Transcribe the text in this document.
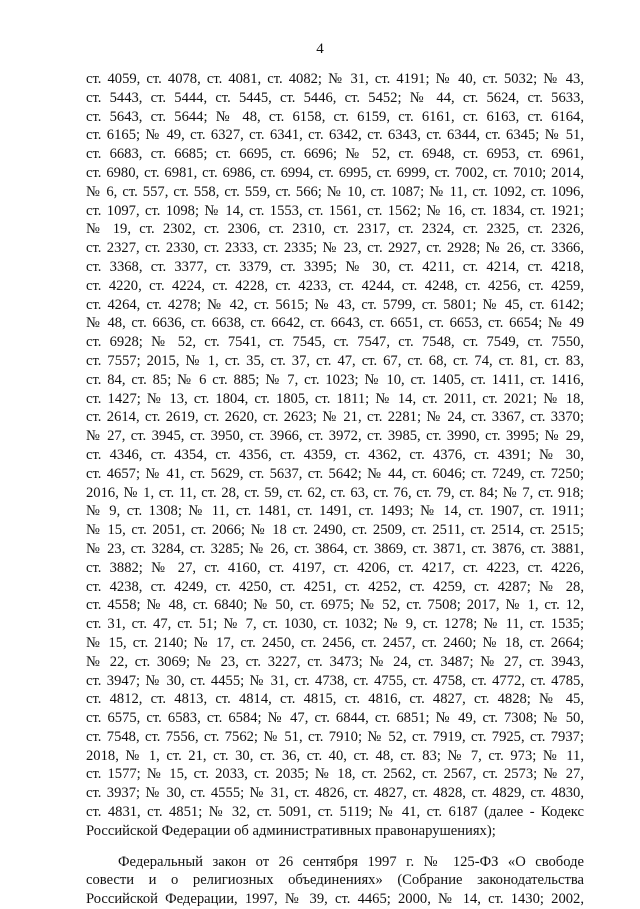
4
ст. 4059, ст. 4078, ст. 4081, ст. 4082; № 31, ст. 4191; № 40, ст. 5032; № 43,
ст. 5443, ст. 5444, ст. 5445, ст. 5446, ст. 5452; № 44, ст. 5624, ст. 5633,
ст. 5643, ст. 5644; № 48, ст. 6158, ст. 6159, ст. 6161, ст. 6163, ст. 6164,
ст. 6165; № 49, ст. 6327, ст. 6341, ст. 6342, ст. 6343, ст. 6344, ст. 6345; № 51,
ст. 6683, ст. 6685; ст. 6695, ст. 6696; № 52, ст. 6948, ст. 6953, ст. 6961,
ст. 6980, ст. 6981, ст. 6986, ст. 6994, ст. 6995, ст. 6999, ст. 7002, ст. 7010; 2014,
№ 6, ст. 557, ст. 558, ст. 559, ст. 566; № 10, ст. 1087; № 11, ст. 1092, ст. 1096,
ст. 1097, ст. 1098; № 14, ст. 1553, ст. 1561, ст. 1562; № 16, ст. 1834, ст. 1921;
№ 19, ст. 2302, ст. 2306, ст. 2310, ст. 2317, ст. 2324, ст. 2325, ст. 2326,
ст. 2327, ст. 2330, ст. 2333, ст. 2335; № 23, ст. 2927, ст. 2928; № 26, ст. 3366,
ст. 3368, ст. 3377, ст. 3379, ст. 3395; № 30, ст. 4211, ст. 4214, ст. 4218,
ст. 4220, ст. 4224, ст. 4228, ст. 4233, ст. 4244, ст. 4248, ст. 4256, ст. 4259,
ст. 4264, ст. 4278; № 42, ст. 5615; № 43, ст. 5799, ст. 5801; № 45, ст. 6142;
№ 48, ст. 6636, ст. 6638, ст. 6642, ст. 6643, ст. 6651, ст. 6653, ст. 6654; № 49
ст. 6928; № 52, ст. 7541, ст. 7545, ст. 7547, ст. 7548, ст. 7549, ст. 7550,
ст. 7557; 2015, № 1, ст. 35, ст. 37, ст. 47, ст. 67, ст. 68, ст. 74, ст. 81, ст. 83,
ст. 84, ст. 85; № 6 ст. 885; № 7, ст. 1023; № 10, ст. 1405, ст. 1411, ст. 1416,
ст. 1427; № 13, ст. 1804, ст. 1805, ст. 1811; № 14, ст. 2011, ст. 2021; № 18,
ст. 2614, ст. 2619, ст. 2620, ст. 2623; № 21, ст. 2281; № 24, ст. 3367, ст. 3370;
№ 27, ст. 3945, ст. 3950, ст. 3966, ст. 3972, ст. 3985, ст. 3990, ст. 3995; № 29,
ст. 4346, ст. 4354, ст. 4356, ст. 4359, ст. 4362, ст. 4376, ст. 4391; № 30,
ст. 4657; № 41, ст. 5629, ст. 5637, ст. 5642; № 44, ст. 6046; ст. 7249, ст. 7250;
2016, № 1, ст. 11, ст. 28, ст. 59, ст. 62, ст. 63, ст. 76, ст. 79, ст. 84; № 7, ст. 918;
№ 9, ст. 1308; № 11, ст. 1481, ст. 1491, ст. 1493; № 14, ст. 1907, ст. 1911;
№ 15, ст. 2051, ст. 2066; № 18 ст. 2490, ст. 2509, ст. 2511, ст. 2514, ст. 2515;
№ 23, ст. 3284, ст. 3285; № 26, ст. 3864, ст. 3869, ст. 3871, ст. 3876, ст. 3881,
ст. 3882; № 27, ст. 4160, ст. 4197, ст. 4206, ст. 4217, ст. 4223, ст. 4226,
ст. 4238, ст. 4249, ст. 4250, ст. 4251, ст. 4252, ст. 4259, ст. 4287; № 28,
ст. 4558; № 48, ст. 6840; № 50, ст. 6975; № 52, ст. 7508; 2017, № 1, ст. 12,
ст. 31, ст. 47, ст. 51; № 7, ст. 1030, ст. 1032; № 9, ст. 1278; № 11, ст. 1535;
№ 15, ст. 2140; № 17, ст. 2450, ст. 2456, ст. 2457, ст. 2460; № 18, ст. 2664;
№ 22, ст. 3069; № 23, ст. 3227, ст. 3473; № 24, ст. 3487; № 27, ст. 3943,
ст. 3947; № 30, ст. 4455; № 31, ст. 4738, ст. 4755, ст. 4758, ст. 4772, ст. 4785,
ст. 4812, ст. 4813, ст. 4814, ст. 4815, ст. 4816, ст. 4827, ст. 4828; № 45,
ст. 6575, ст. 6583, ст. 6584; № 47, ст. 6844, ст. 6851; № 49, ст. 7308; № 50,
ст. 7548, ст. 7556, ст. 7562; № 51, ст. 7910; № 52, ст. 7919, ст. 7925, ст. 7937;
2018, № 1, ст. 21, ст. 30, ст. 36, ст. 40, ст. 48, ст. 83; № 7, ст. 973; № 11,
ст. 1577; № 15, ст. 2033, ст. 2035; № 18, ст. 2562, ст. 2567, ст. 2573; № 27,
ст. 3937; № 30, ст. 4555; № 31, ст. 4826, ст. 4827, ст. 4828, ст. 4829, ст. 4830,
ст. 4831, ст. 4851; № 32, ст. 5091, ст. 5119; № 41, ст. 6187 (далее - Кодекс
Российской Федерации об административных правонарушениях);
Федеральный закон от 26 сентября 1997 г. № 125-ФЗ «О свободе
совести и о религиозных объединениях» (Собрание законодательства
Российской Федерации, 1997, № 39, ст. 4465; 2000, № 14, ст. 1430; 2002,
